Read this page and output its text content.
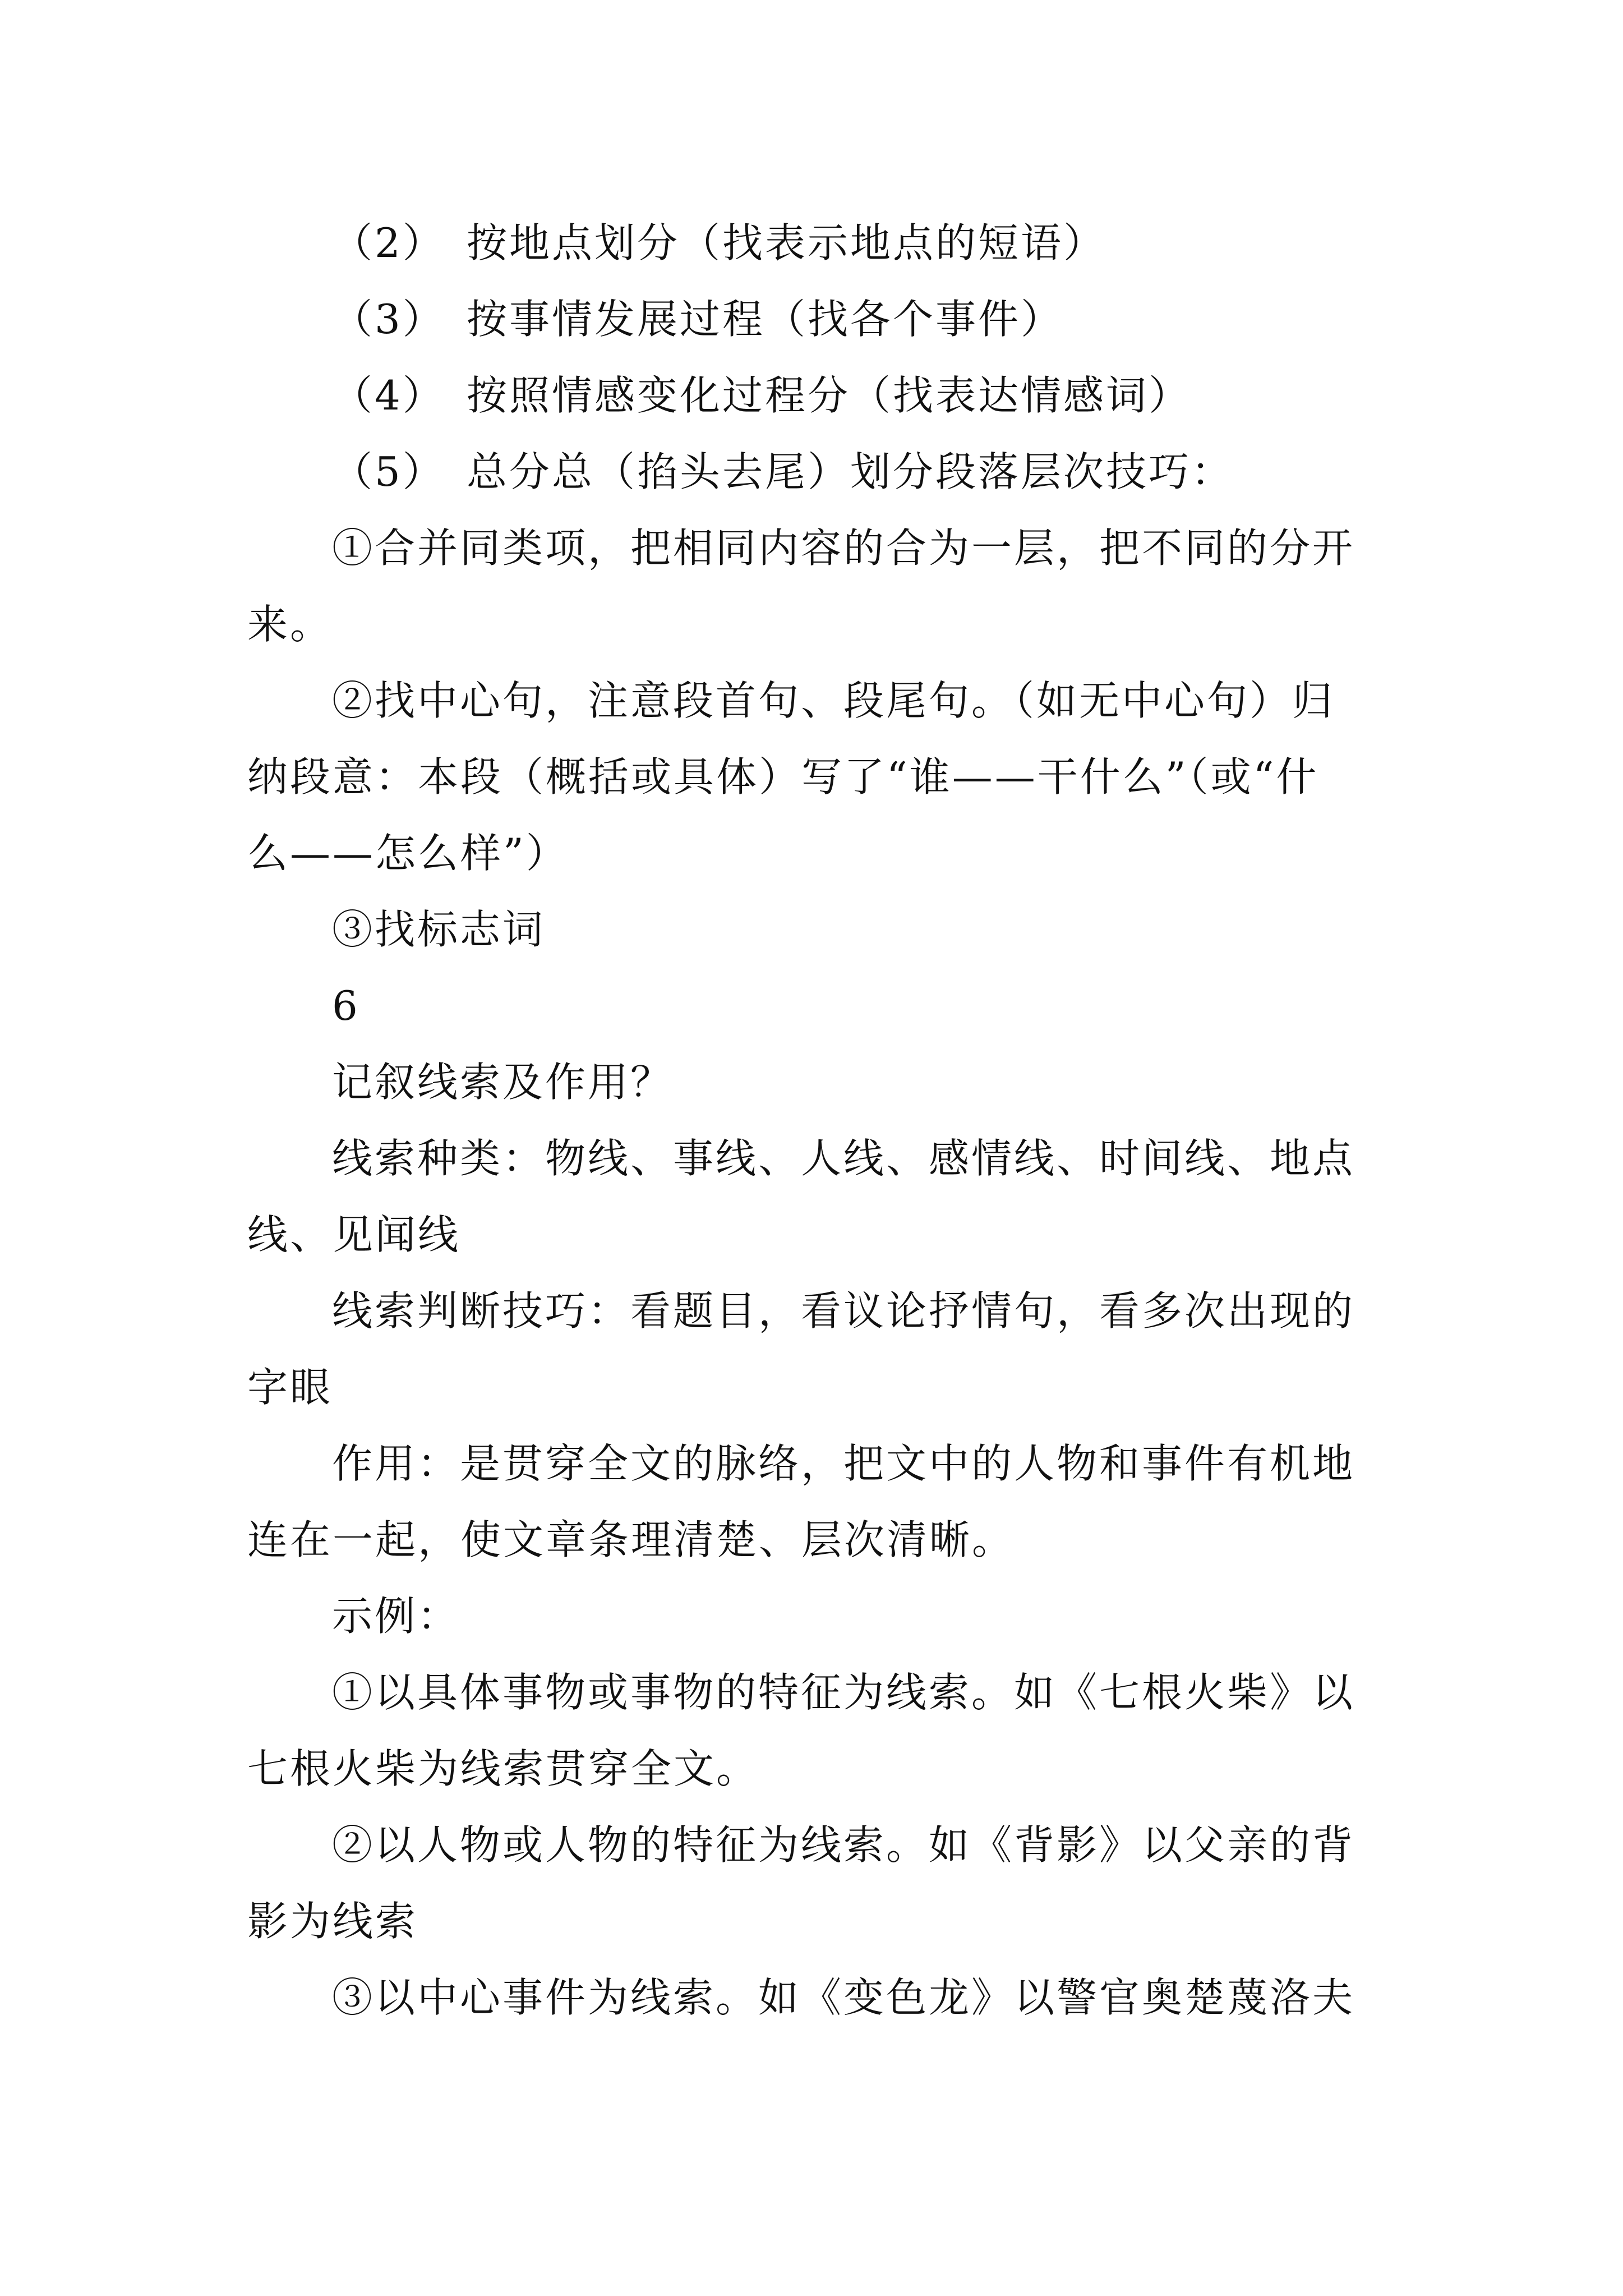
（2） 按地点划分（找表示地点的短语）

（3） 按事情发展过程（找各个事件）

（4） 按照情感变化过程分（找表达情感词）

（5） 总分总（掐头去尾）划分段落层次技巧：

①合并同类项，把相同内容的合为一层，把不同的分开
来。

②找中心句，注意段首句、段尾句。（如无中心句）归
纳段意：本段（概括或具体）写了“谁——干什么”（或“什
么——怎么样”）

③找标志词

6

记叙线索及作用？

线索种类：物线、事线、人线、感情线、时间线、地点
线、见闻线

线索判断技巧：看题目，看议论抒情句，看多次出现的
字眼

作用：是贯穿全文的脉络，把文中的人物和事件有机地
连在一起，使文章条理清楚、层次清晰。

示例：

①以具体事物或事物的特征为线索。如《七根火柴》以
七根火柴为线索贯穿全文。

②以人物或人物的特征为线索。如《背影》以父亲的背
影为线索

③以中心事件为线索。如《变色龙》以警官奥楚蔑洛夫
